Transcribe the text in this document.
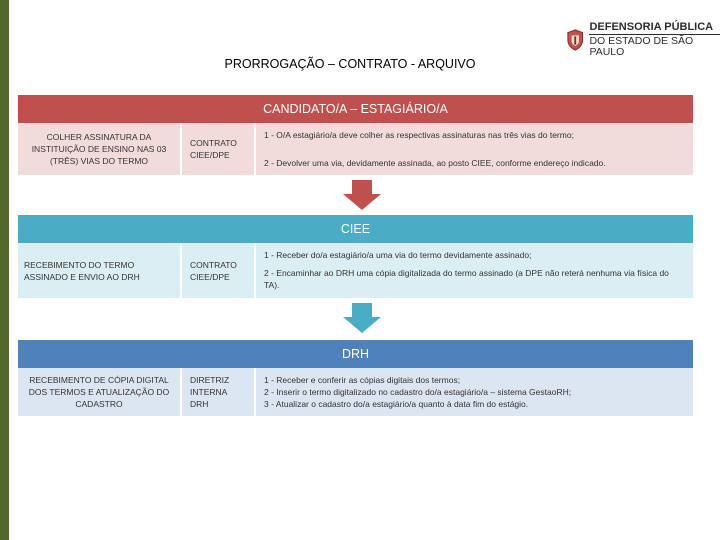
DEFENSORIA PÚBLICA
DO ESTADO DE SÃO PAULO
PRORROGAÇÃO – CONTRATO - ARQUIVO
CANDIDATO/A – ESTAGIÁRIO/A
COLHER ASSINATURA DA INSTITUIÇÃO DE ENSINO NAS 03 (TRÊS) VIAS DO TERMO
CONTRATO CIEE/DPE

1 - O/A estagiário/a deve colher as respectivas assinaturas nas três vias do termo;

2 - Devolver uma via, devidamente assinada, ao posto CIEE, conforme endereço indicado.

CIEE
RECEBIMENTO DO TERMO ASSINADO E ENVIO AO DRH
CONTRATO CIEE/DPE

1 - Receber do/a estagiário/a uma via do termo devidamente assinado;

2 - Encaminhar ao DRH uma cópia digitalizada do termo assinado (a DPE não reterá nenhuma via física do TA).

DRH
RECEBIMENTO DE CÓPIA DIGITAL DOS TERMOS E ATUALIZAÇÃO DO CADASTRO
DIRETRIZ INTERNA DRH

1 - Receber e conferir as cópias digitais dos termos;

2 - Inserir o termo digitalizado no cadastro do/a estagiário/a – sistema GestaoRH;

3 - Atualizar o cadastro do/a estagiário/a quanto à data fim do estágio.
